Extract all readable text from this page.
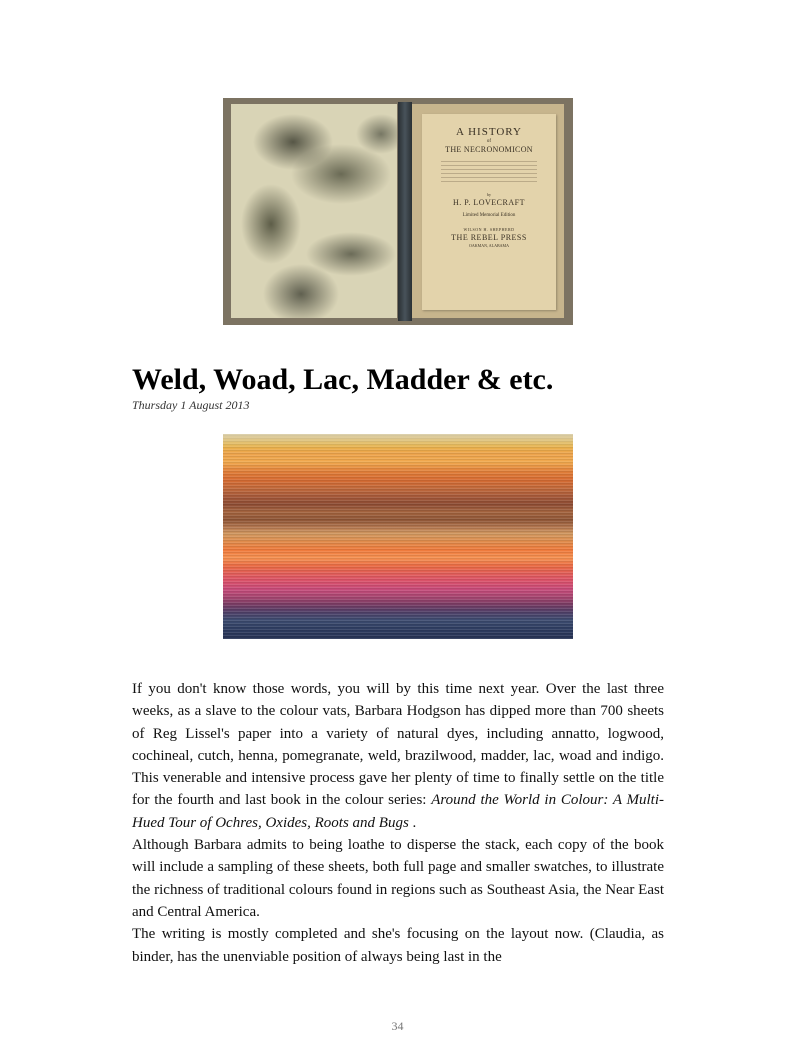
A HISTORY
of
THE NECRONOMICON
by
H. P. LOVECRAFT
Limited Memorial Edition
WILSON H. SHEPHERD
THE REBEL PRESS
OAKMAN, ALABAMA
Weld, Woad, Lac, Madder & etc.
Thursday 1 August 2013

If you don't know those words, you will by this time next year. Over the last three weeks, as a slave to the colour vats, Barbara Hodgson has dipped more than 700 sheets of Reg Lissel's paper into a variety of natural dyes, including annatto, logwood, cochineal, cutch, henna, pomegranate, weld, brazilwood, madder, lac, woad and indigo. This venerable and intensive process gave her plenty of time to finally settle on the title for the fourth and last book in the colour series: Around the World in Colour: A Multi-Hued Tour of Ochres, Oxides, Roots and Bugs .

Although Barbara admits to being loathe to disperse the stack, each copy of the book will include a sampling of these sheets, both full page and smaller swatches, to illustrate the richness of traditional colours found in regions such as Southeast Asia, the Near East and Central America.

The writing is mostly completed and she's focusing on the layout now. (Claudia, as binder, has the unenviable position of always being last in the

34
